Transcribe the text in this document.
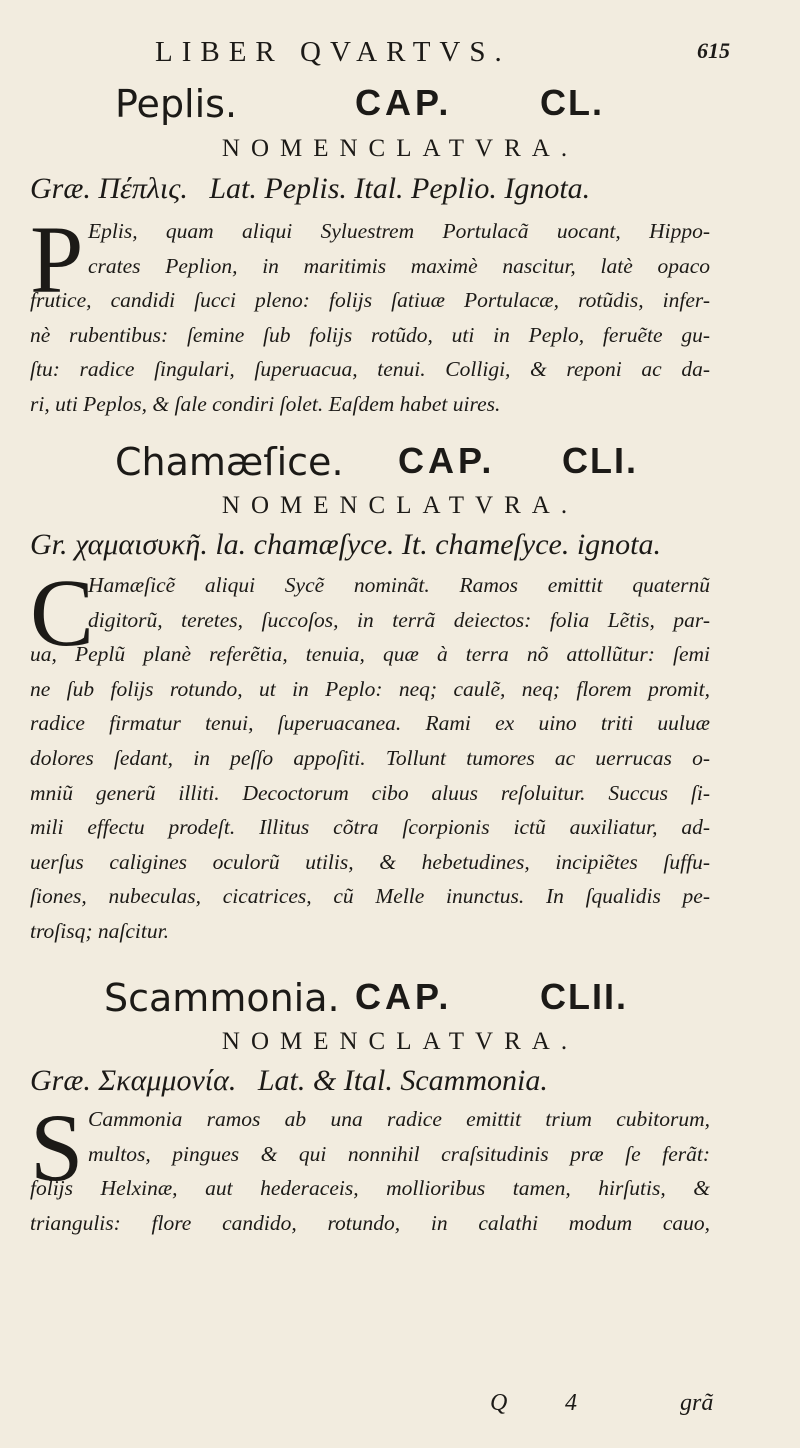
LIBER QVARTVS.	615
Peplis.	CAP. CL.
NOMENCLATVRA.
Græ. Πέπλις. Lat. Peplis. Ital. Peplio. Ignota.
P Eplis, quam aliqui Syluestrem Portulacã uocant, Hippo-
crates Peplion, in maritimis maximè nascitur, latè opaco
frutice, candidi ſucci pleno: folijs ſatiuæ Portulacæ, rotũdis, infer-
nè rubentibus: ſemine ſub folijs rotũdo, uti in Peplo, feruẽte gu-
ſtu: radice ſingulari, ſuperuacua, tenui. Colligi, & reponi ac da-
ri, uti Peplos, & ſale condiri ſolet. Eaſdem habet uires.
Chamæſice. CAP. CLI.
NOMENCLATVRA.
Gr. χαμαισυκῆ. la. chamæſyce. It. chameſyce. ignota.
C
Hamæſicẽ aliqui Sycẽ nominãt. Ramos emittit quaternũ
digitorũ, teretes, ſuccoſos, in terrã deiectos: folia Lẽtis, par-
ua, Peplũ planè referẽtia, tenuia, quæ à terra nõ attollũtur: ſemi
ne ſub folijs rotundo, ut in Peplo: neq; caulẽ, neq; florem promit,
radice firmatur tenui, ſuperuacanea. Rami ex uino triti uuluæ
dolores ſedant, in peſſo appoſiti. Tollunt tumores ac uerrucas o-
mniũ generũ illiti. Decoctorum cibo aluus reſoluitur. Succus ſi-
mili effectu prodeſt. Illitus cõtra ſcorpionis ictũ auxiliatur, ad-
uerſus caligines oculorũ utilis, & hebetudines, incipiẽtes ſuffu-
ſiones, nubeculas, cicatrices, cũ Melle inunctus. In ſqualidis pe-
troſisq; naſcitur.
Scammonia. CAP. CLII.
NOMENCLATVRA.
Græ. Σκαμμονία. Lat. & Ital. Scammonia.
S Cammonia ramos ab una radice emittit trium cubitorum,
multos, pingues & qui nonnihil craſsitudinis præ ſe ferãt:
folijs Helxinæ, aut hederaceis, mollioribus tamen, hirſutis, &
triangulis: flore candido, rotundo, in calathi modum cauo,
Q 4	grã
